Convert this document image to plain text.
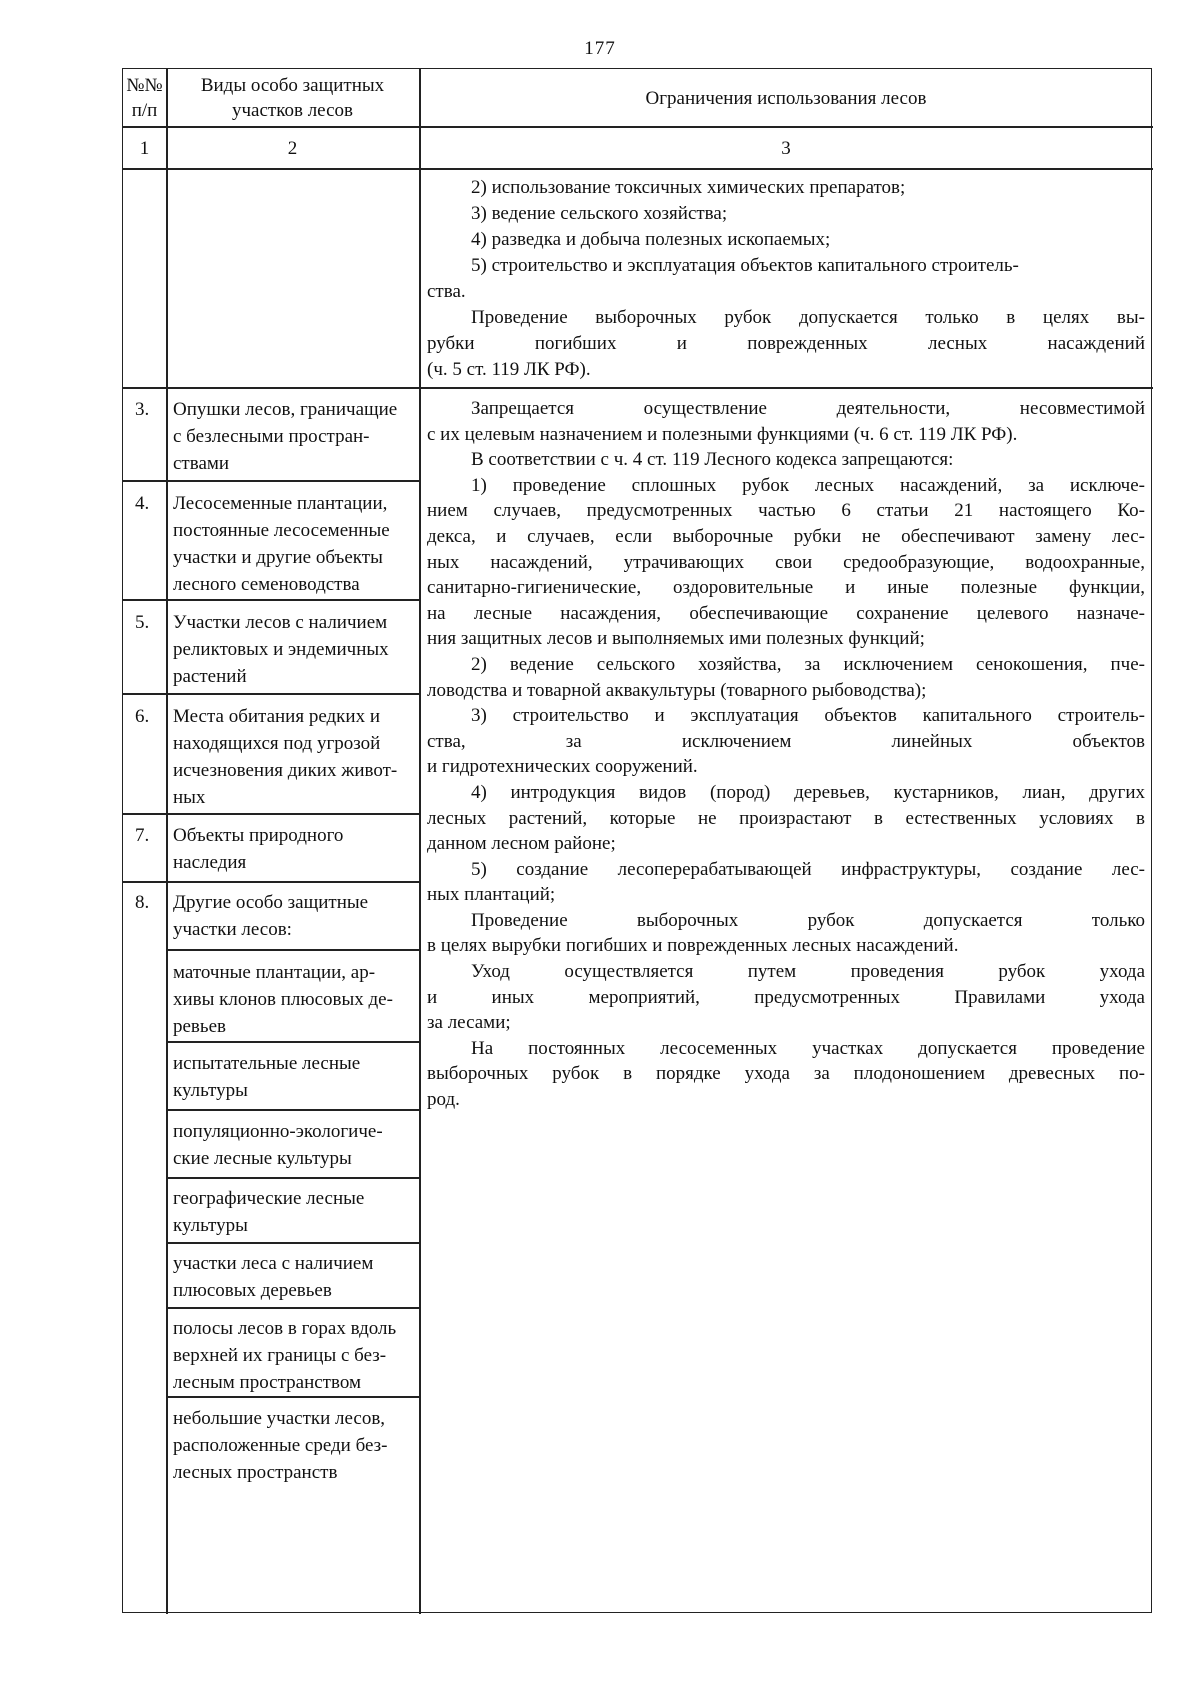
177
№№
п/п
Виды особо защитных
участков лесов
Ограничения использования лесов
1	2	3
2) использование токсичных химических препаратов;
3) ведение сельского хозяйства;
4) разведка и добыча полезных ископаемых;
5) строительство и эксплуатация объектов капитального строитель-
ства.
Проведение выборочных рубок допускается только в целях вы-
рубки погибших и поврежденных лесных насаждений
(ч. 5 ст. 119 ЛК РФ).
3.
4.
5.
6.
7.
8.
Опушки лесов, граничащие
с безлесными простран-
ствами
Лесосеменные плантации,
постоянные лесосеменные
участки и другие объекты
лесного семеноводства
Участки лесов с наличием
реликтовых и эндемичных
растений
Места обитания редких и
находящихся под угрозой
исчезновения диких живот-
ных
Объекты природного
наследия
Другие особо защитные
участки лесов:
маточные плантации, ар-
хивы клонов плюсовых де-
ревьев
испытательные лесные
культуры
популяционно-экологиче-
ские лесные культуры
географические лесные
культуры
участки леса с наличием
плюсовых деревьев
полосы лесов в горах вдоль
верхней их границы с без-
лесным пространством
небольшие участки лесов,
расположенные среди без-
лесных пространств
Запрещается осуществление деятельности, несовместимой
с их целевым назначением и полезными функциями (ч. 6 ст. 119 ЛК РФ).
В соответствии с ч. 4 ст. 119 Лесного кодекса запрещаются:
1) проведение сплошных рубок лесных насаждений, за исключе-
нием случаев, предусмотренных частью 6 статьи 21 настоящего Ко-
декса, и случаев, если выборочные рубки не обеспечивают замену лес-
ных насаждений, утрачивающих свои средообразующие, водоохранные,
санитарно-гигиенические, оздоровительные и иные полезные функции,
на лесные насаждения, обеспечивающие сохранение целевого назначе-
ния защитных лесов и выполняемых ими полезных функций;
2) ведение сельского хозяйства, за исключением сенокошения, пче-
ловодства и товарной аквакультуры (товарного рыбоводства);
3) строительство и эксплуатация объектов капитального строитель-
ства, за исключением линейных объектов
и гидротехнических сооружений.
4) интродукция видов (пород) деревьев, кустарников, лиан, других
лесных растений, которые не произрастают в естественных условиях в
данном лесном районе;
5) создание лесоперерабатывающей инфраструктуры, создание лес-
ных плантаций;
Проведение выборочных рубок допускается только
в целях вырубки погибших и поврежденных лесных насаждений.
Уход осуществляется путем проведения рубок ухода
и иных мероприятий, предусмотренных Правилами ухода
за лесами;
На постоянных лесосеменных участках допускается проведение
выборочных рубок в порядке ухода за плодоношением древесных по-
род.
